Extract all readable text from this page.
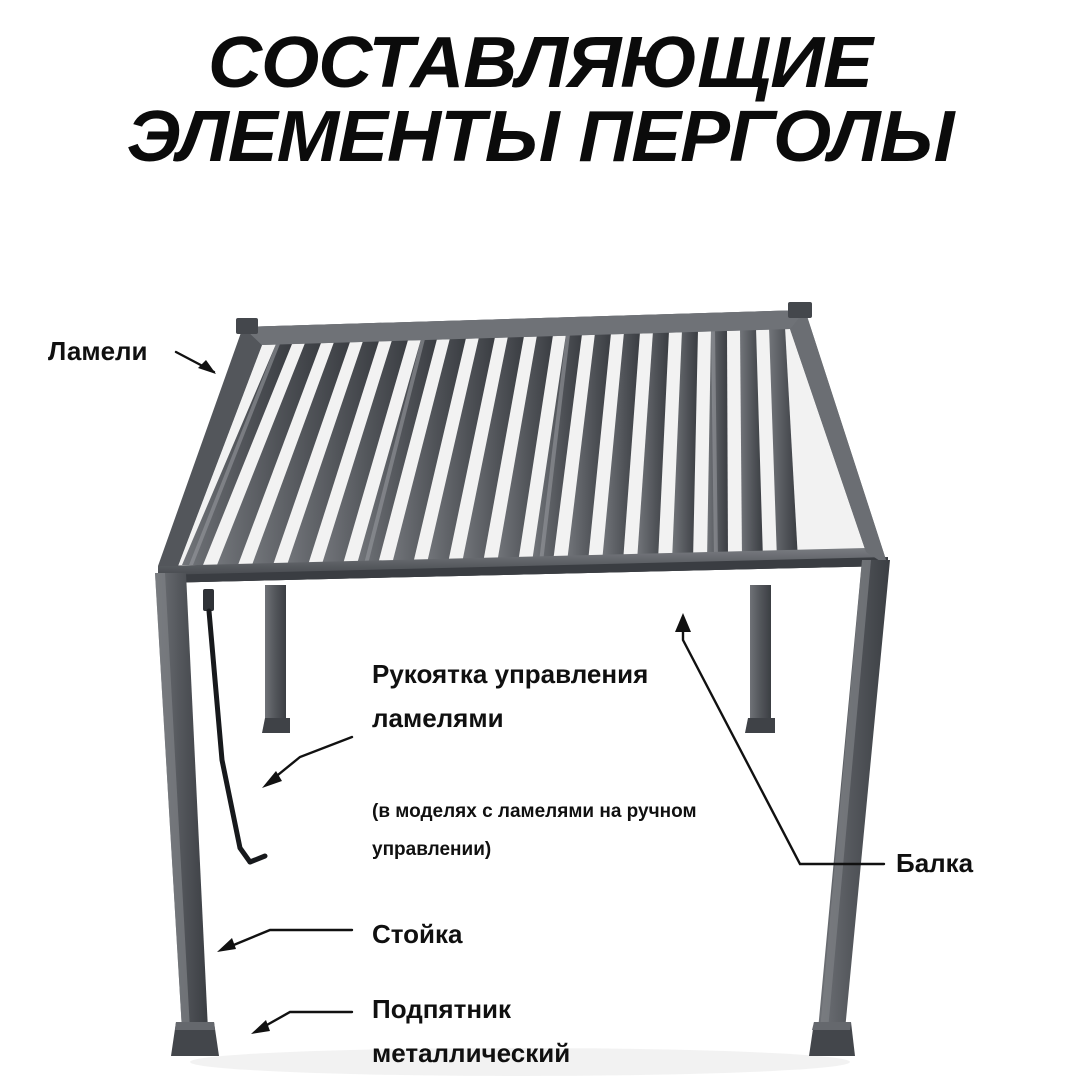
СОСТАВЛЯЮЩИЕ
ЭЛЕМЕНТЫ ПЕРГОЛЫ
Ламели
Рукоятка управления ламелями
(в моделях с ламелями на ручном управлении)	Балка
Стойка
Подпятник металлический
